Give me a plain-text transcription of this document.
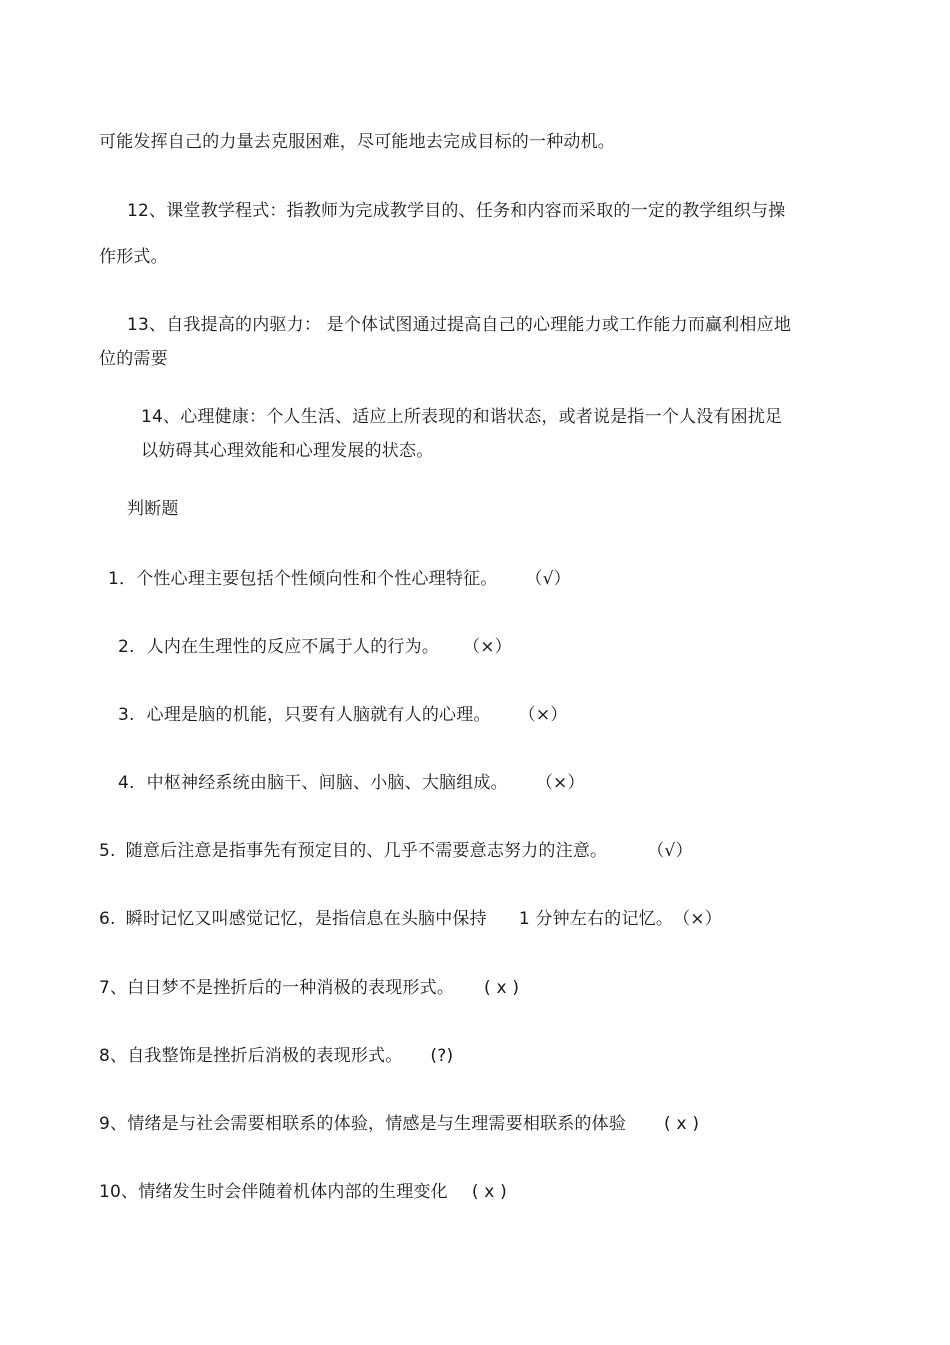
可能发挥自己的力量去克服困难，尽可能地去完成目标的一种动机。
12、课堂教学程式：指教师为完成教学目的、任务和内容而采取的一定的教学组织与操
作形式。
13、自我提高的内驱力： 是个体试图通过提高自己的心理能力或工作能力而赢利相应地
位的需要
14、心理健康：个人生活、适应上所表现的和谐状态，或者说是指一个人没有困扰足
以妨碍其心理效能和心理发展的状态。
判断题
1．个性心理主要包括个性倾向性和个性心理特征。 （√）
2. 人内在生理性的反应不属于人的行为。 （×）
3. 心理是脑的机能，只要有人脑就有人的心理。 （×）
4. 中枢神经系统由脑干、间脑、小脑、大脑组成。 （×）
5. 随意后注意是指事先有预定目的、几乎不需要意志努力的注意。 （√）
6. 瞬时记忆又叫感觉记忆，是指信息在头脑中保持 1 分钟左右的记忆。（×）
7、白日梦不是挫折后的一种消极的表现形式。 ( x )
8、自我整饰是挫折后消极的表现形式。 (?)
9、情绪是与社会需要相联系的体验，情感是与生理需要相联系的体验 ( x )
10、情绪发生时会伴随着机体内部的生理变化 ( x )
